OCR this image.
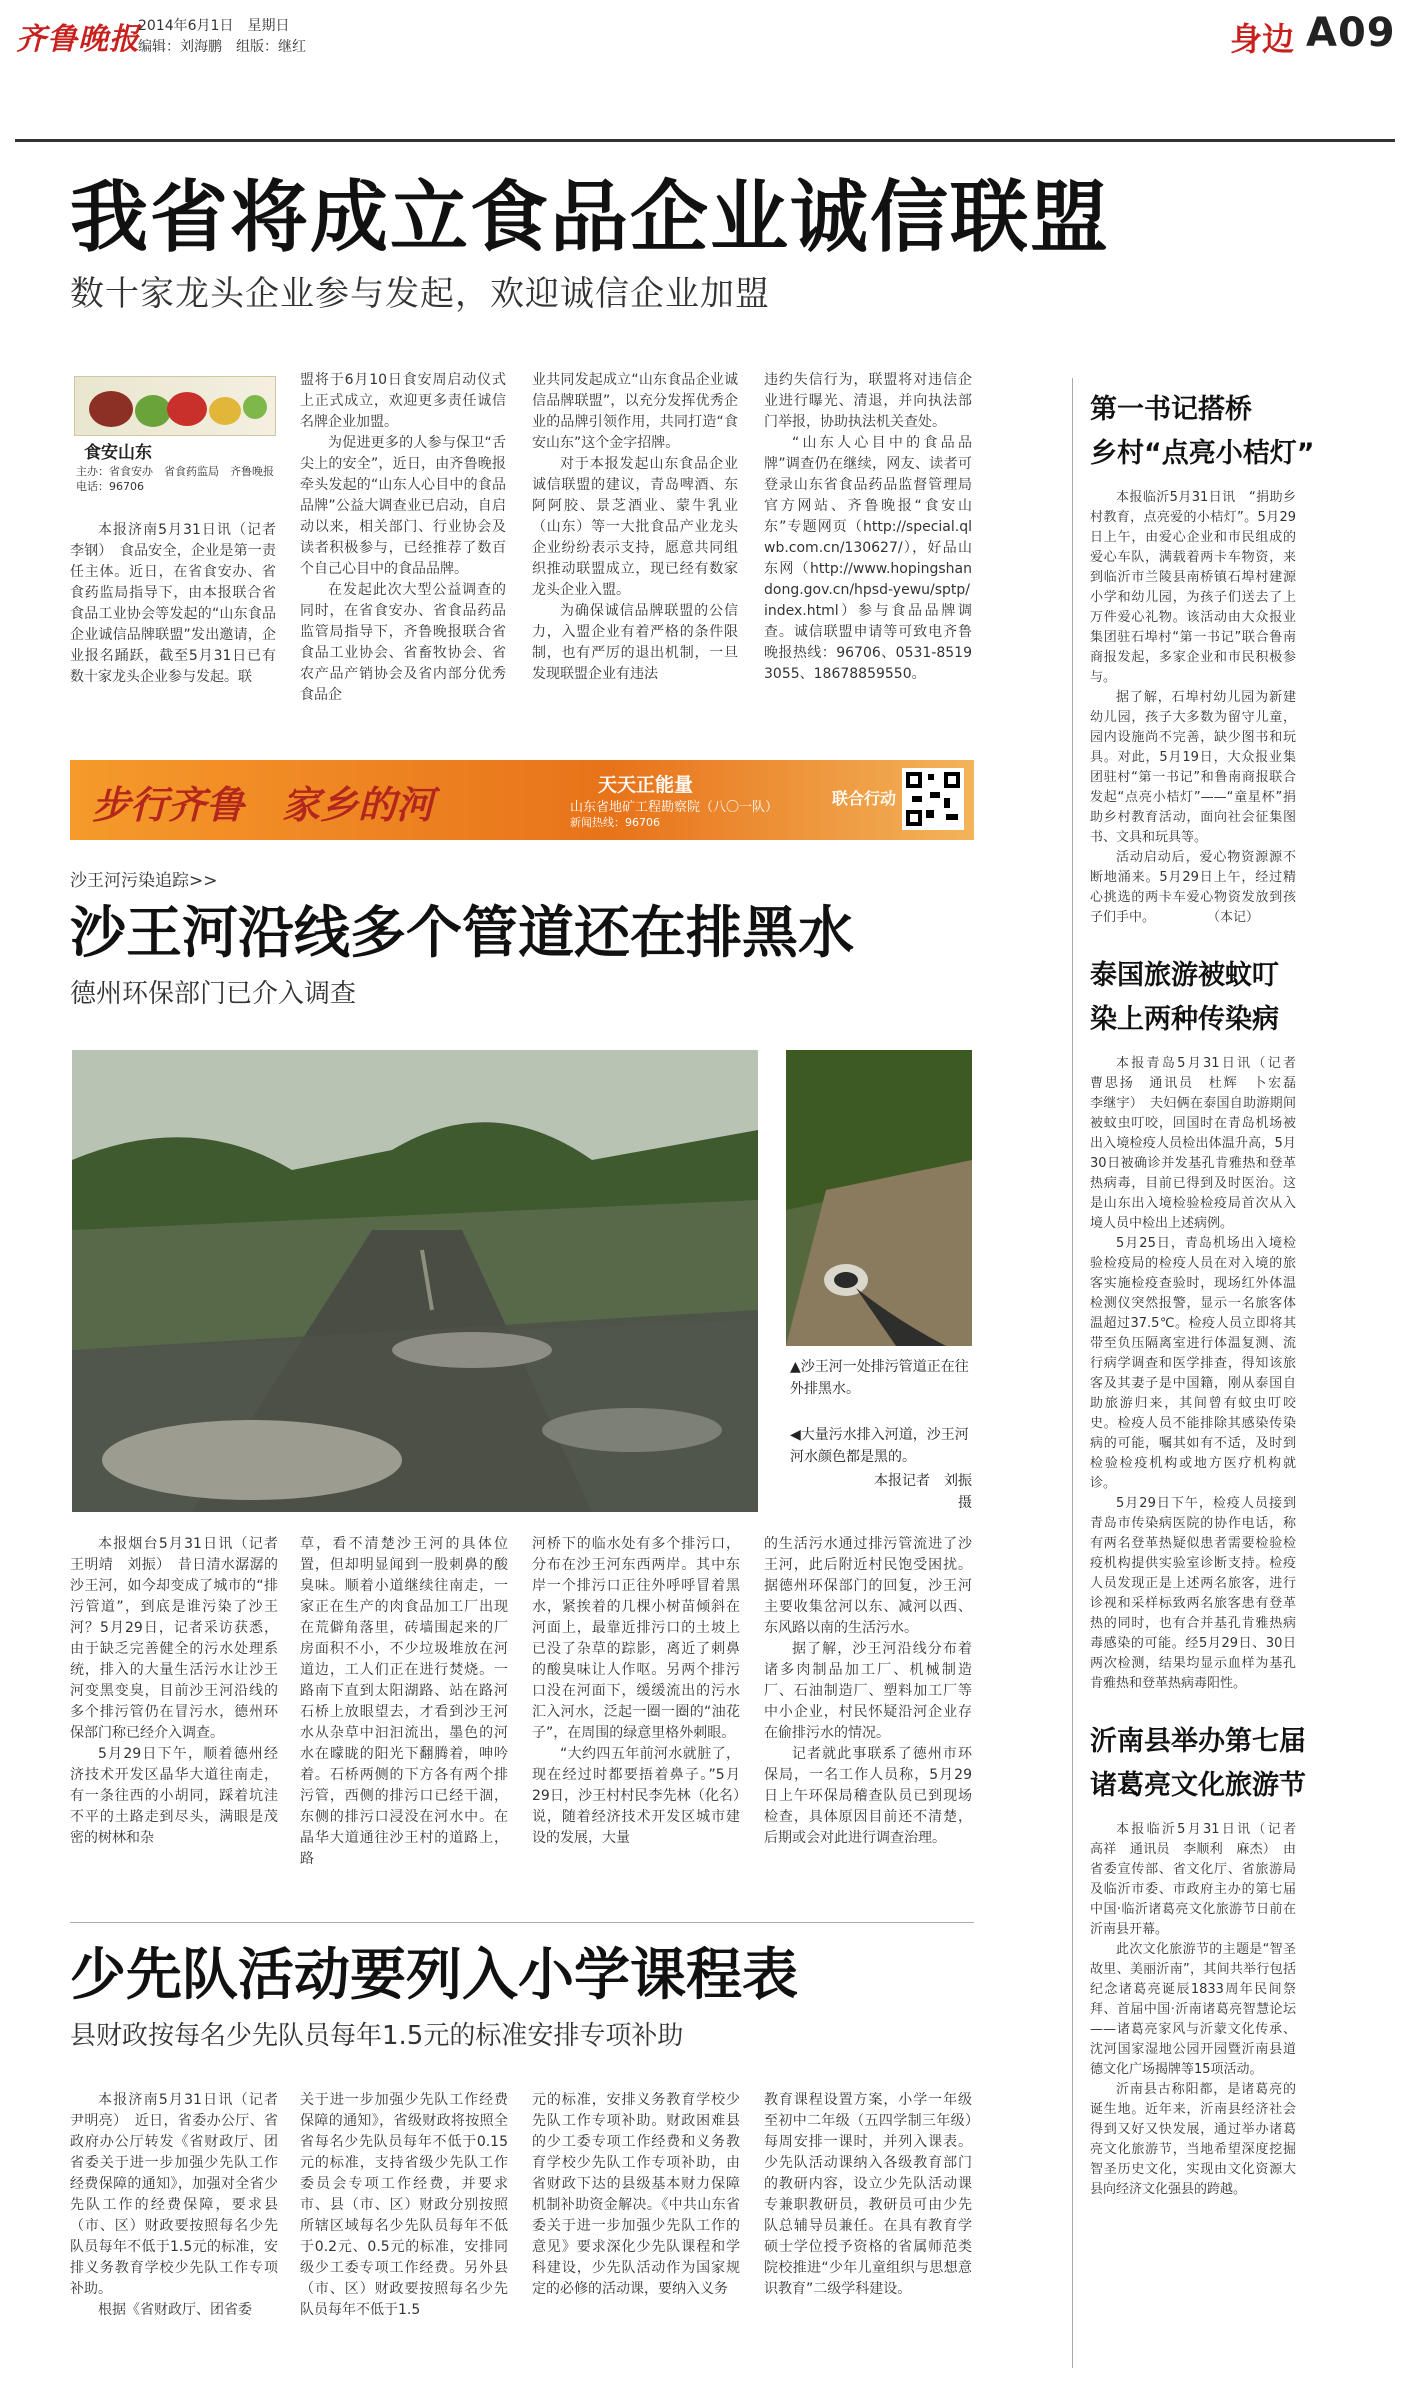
齐鲁晚报
2014年6月1日　星期日
编辑：刘海鹏　组版：继红	身边 A09
我省将成立食品企业诚信联盟
数十家龙头企业参与发起，欢迎诚信企业加盟
食安山东
主办：省食安办　省食药监局　齐鲁晚报
电话：96706

本报济南5月31日讯（记者　李钢）　食品安全，企业是第一责任主体。近日，在省食安办、省食药监局指导下，由本报联合省食品工业协会等发起的“山东食品企业诚信品牌联盟”发出邀请，企业报名踊跃，截至5月31日已有数十家龙头企业参与发起。联

盟将于6月10日食安周启动仪式上正式成立，欢迎更多责任诚信名牌企业加盟。

为促进更多的人参与保卫“舌尖上的安全”，近日，由齐鲁晚报牵头发起的“山东人心目中的食品品牌”公益大调查业已启动，自启动以来，相关部门、行业协会及读者积极参与，已经推荐了数百个自己心目中的食品品牌。

在发起此次大型公益调查的同时，在省食安办、省食品药品监管局指导下，齐鲁晚报联合省食品工业协会、省畜牧协会、省农产品产销协会及省内部分优秀食品企

业共同发起成立“山东食品企业诚信品牌联盟”，以充分发挥优秀企业的品牌引领作用，共同打造“食安山东”这个金字招牌。

对于本报发起山东食品企业诚信联盟的建议，青岛啤酒、东阿阿胶、景芝酒业、蒙牛乳业（山东）等一大批食品产业龙头企业纷纷表示支持，愿意共同组织推动联盟成立，现已经有数家龙头企业入盟。

为确保诚信品牌联盟的公信力，入盟企业有着严格的条件限制，也有严厉的退出机制，一旦发现联盟企业有违法

违约失信行为，联盟将对违信企业进行曝光、清退，并向执法部门举报，协助执法机关查处。

“山东人心目中的食品品牌”调查仍在继续，网友、读者可登录山东省食品药品监督管理局官方网站、齐鲁晚报“食安山东”专题网页（http://special.qlwb.com.cn/130627/），好品山东网（http://www.hopingshandong.gov.cn/hpsd-yewu/sptp/index.html）参与食品品牌调查。诚信联盟申请等可致电齐鲁晚报热线：96706、0531-85193055、18678859550。

步行齐鲁　家乡的河	天天正能量
山东省地矿工程勘察院（八〇一队）
新闻热线：96706
联合行动
沙王河污染追踪>>
沙王河沿线多个管道还在排黑水
德州环保部门已介入调查
▲沙王河一处排污管道正在往外排黑水。
◀大量污水排入河道，沙王河河水颜色都是黑的。
本报记者　刘振　摄

本报烟台5月31日讯（记者　王明靖　刘振）　昔日清水潺潺的沙王河，如今却变成了城市的“排污管道”，到底是谁污染了沙王河？5月29日，记者采访获悉，由于缺乏完善健全的污水处理系统，排入的大量生活污水让沙王河变黑变臭，目前沙王河沿线的多个排污管仍在冒污水，德州环保部门称已经介入调查。

5月29日下午，顺着德州经济技术开发区晶华大道往南走，有一条往西的小胡同，踩着坑洼不平的土路走到尽头，满眼是茂密的树林和杂

草，看不清楚沙王河的具体位置，但却明显闻到一股刺鼻的酸臭味。顺着小道继续往南走，一家正在生产的肉食品加工厂出现在荒僻角落里，砖墙围起来的厂房面积不小，不少垃圾堆放在河道边，工人们正在进行焚烧。一路南下直到太阳湖路、站在路河石桥上放眼望去，才看到沙王河水从杂草中汩汩流出，墨色的河水在曚眬的阳光下翻腾着，呻吟着。石桥两侧的下方各有两个排污管，西侧的排污口已经干涸，东侧的排污口浸没在河水中。在晶华大道通往沙王村的道路上，路

河桥下的临水处有多个排污口，分布在沙王河东西两岸。其中东岸一个排污口正往外呼呼冒着黑水，紧挨着的几棵小树苗倾斜在河面上，最靠近排污口的土坡上已没了杂草的踪影，离近了刺鼻的酸臭味让人作呕。另两个排污口没在河面下，缓缓流出的污水汇入河水，泛起一圈一圈的“油花子”，在周围的绿意里格外刺眼。

“大约四五年前河水就脏了，现在经过时都要捂着鼻子。”5月29日，沙王村村民李先林（化名）说，随着经济技术开发区城市建设的发展，大量

的生活污水通过排污管流进了沙王河，此后附近村民饱受困扰。据德州环保部门的回复，沙王河主要收集岔河以东、减河以西、东风路以南的生活污水。

据了解，沙王河沿线分布着诸多肉制品加工厂、机械制造厂、石油制造厂、塑料加工厂等中小企业，村民怀疑沿河企业存在偷排污水的情况。

记者就此事联系了德州市环保局，一名工作人员称，5月29日上午环保局稽查队员已到现场检查，具体原因目前还不清楚，后期或会对此进行调查治理。

少先队活动要列入小学课程表
县财政按每名少先队员每年1.5元的标准安排专项补助

本报济南5月31日讯（记者　尹明亮）　近日，省委办公厅、省政府办公厅转发《省财政厅、团省委关于进一步加强少先队工作经费保障的通知》，加强对全省少先队工作的经费保障，要求县（市、区）财政要按照每名少先队员每年不低于1.5元的标准，安排义务教育学校少先队工作专项补助。

根据《省财政厅、团省委

关于进一步加强少先队工作经费保障的通知》，省级财政将按照全省每名少先队员每年不低于0.15元的标准，支持省级少先队工作委员会专项工作经费，并要求市、县（市、区）财政分别按照所辖区域每名少先队员每年不低于0.2元、0.5元的标准，安排同级少工委专项工作经费。另外县（市、区）财政要按照每名少先队员每年不低于1.5

元的标准，安排义务教育学校少先队工作专项补助。财政困难县的少工委专项工作经费和义务教育学校少先队工作专项补助，由省财政下达的县级基本财力保障机制补助资金解决。《中共山东省委关于进一步加强少先队工作的意见》要求深化少先队课程和学科建设，少先队活动作为国家规定的必修的活动课，要纳入义务

教育课程设置方案，小学一年级至初中二年级（五四学制三年级）每周安排一课时，并列入课表。少先队活动课纳入各级教育部门的教研内容，设立少先队活动课专兼职教研员，教研员可由少先队总辅导员兼任。在具有教育学硕士学位授予资格的省属师范类院校推进“少年儿童组织与思想意识教育”二级学科建设。

第一书记搭桥
乡村“点亮小桔灯”

本报临沂5月31日讯　“捐助乡村教育，点亮爱的小桔灯”。5月29日上午，由爱心企业和市民组成的爱心车队，满载着两卡车物资，来到临沂市兰陵县南桥镇石埠村建源小学和幼儿园，为孩子们送去了上万件爱心礼物。该活动由大众报业集团驻石埠村“第一书记”联合鲁南商报发起，多家企业和市民积极参与。

据了解，石埠村幼儿园为新建幼儿园，孩子大多数为留守儿童，园内设施尚不完善，缺少图书和玩具。对此，5月19日，大众报业集团驻村“第一书记”和鲁南商报联合发起“点亮小桔灯”——“童星杯”捐助乡村教育活动，面向社会征集图书、文具和玩具等。

活动启动后，爱心物资源源不断地涌来。5月29日上午，经过精心挑选的两卡车爱心物资发放到孩子们手中。　　　　　（本记）

泰国旅游被蚊叮
染上两种传染病

本报青岛5月31日讯（记者　曹思扬　通讯员　杜辉　卜宏磊　李继宇）　夫妇俩在泰国自助游期间被蚊虫叮咬，回国时在青岛机场被出入境检疫人员检出体温升高，5月30日被确诊并发基孔肯雅热和登革热病毒，目前已得到及时医治。这是山东出入境检验检疫局首次从入境人员中检出上述病例。

5月25日，青岛机场出入境检验检疫局的检疫人员在对入境的旅客实施检疫查验时，现场红外体温检测仪突然报警，显示一名旅客体温超过37.5℃。检疫人员立即将其带至负压隔离室进行体温复测、流行病学调查和医学排查，得知该旅客及其妻子是中国籍，刚从泰国自助旅游归来，其间曾有蚊虫叮咬史。检疫人员不能排除其感染传染病的可能，嘱其如有不适，及时到检验检疫机构或地方医疗机构就诊。

5月29日下午，检疫人员接到青岛市传染病医院的协作电话，称有两名登革热疑似患者需要检验检疫机构提供实验室诊断支持。检疫人员发现正是上述两名旅客，进行诊视和采样标致两名旅客患有登革热的同时，也有合并基孔肯雅热病毒感染的可能。经5月29日、30日两次检测，结果均显示血样为基孔肯雅热和登革热病毒阳性。

沂南县举办第七届
诸葛亮文化旅游节

本报临沂5月31日讯（记者　高祥　通讯员　李顺利　麻杰）　由省委宣传部、省文化厅、省旅游局及临沂市委、市政府主办的第七届中国·临沂诸葛亮文化旅游节日前在沂南县开幕。

此次文化旅游节的主题是“智圣故里、美丽沂南”，其间共举行包括纪念诸葛亮诞辰1833周年民间祭拜、首届中国·沂南诸葛亮智慧论坛——诸葛亮家风与沂蒙文化传承、沈河国家湿地公园开园暨沂南县道德文化广场揭牌等15项活动。

沂南县古称阳都，是诸葛亮的诞生地。近年来，沂南县经济社会得到又好又快发展，通过举办诸葛亮文化旅游节，当地希望深度挖掘智圣历史文化，实现由文化资源大县向经济文化强县的跨越。
